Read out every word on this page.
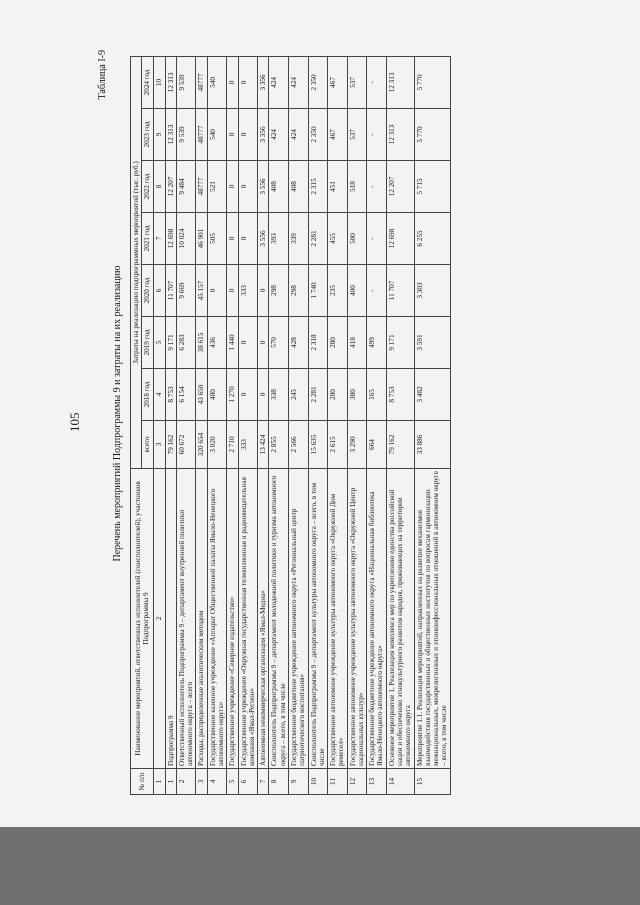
105
Таблица I-9
Перечень мероприятий Подпрограммы 9 и затраты на их реализацию
№ п/п	Наименование мероприятий, ответственных исполнителей (соисполнителей), участников Подпрограммы 9	Затраты на реализацию подпрограммных мероприятий (тыс. руб.)							
		всего	2018 год	2019 год	2020 год	2021 год	2022 год	2023 год	2024 год
1	2	3	4	5	6	7	8	9	10
1	Подпрограмма 9	79 162	8 753	9 171	11 707	12 698	12 207	12 313	12 313
2	Ответственный исполнитель Подпрограммы 9 – департамент внутренней политики автономного округа – всего	60 672	6 154	6 283	9 669	10 024	9 484	9 539	9 539
3	Расходы, распределенные аналитическим методом	320 654	43 650	38 615	45 157	46 901	48777	48777	48777
4	Государственное казенное учреждение «Аппарат Общественной палаты Ямало-Ненецкого автономного округа»	3 020	480	436	0	505	521	540	540
5	Государственное учреждение «Северное издательство»	2 710	1 270	1 440	0	0	0	0	0
6	Государственное учреждение «Окружная государственная телевизионная и радиовещательная компания «Ямал-Регион»	333	0	0	333	0	0	0	0
7	Автономная некоммерческая организация «Ямал-Медиа»	13 424	0	0	0	3 556	3 556	3 356	3 356
8	Соисполнитель Подпрограммы 9 – департамент молодежной политики и туризма автономного округа – всего, в том числе	2 855	338	570	298	393	408	424	424
9	Государственное бюджетное учреждение автономного округа «Региональный центр патриотического воспитания»	2 566	245	428	298	339	408	424	424
10	Соисполнитель Подпрограммы 9 – департамент культуры автономного округа – всего, в том числе	15 635	2 281	2 318	1 740	2 281	2 315	2 350	2 350
11	Государственное автономное учреждение культуры автономного округа «Окружной Дом ремесел»	2 615	280	280	235	455	451	467	467
12	Государственное автономное учреждение культуры автономного округа «Окружной Центр национальных культур»	3 290	380	418	400	500	518	537	537
13	Государственное бюджетное учреждение автономного округа «Национальная библиотека Ямало-Ненецкого автономного округа»	664	165	499	-	-	-	-	-
14	Основное мероприятие 1. Реализация комплекса мер по укреплению единства российской нации и обеспечению этнокультурного развития народов, проживающих на территории автономного округа	79 162	8 753	9 171	11 707	12 698	12 207	12 313	12 313
15	Мероприятие 1.1. Реализация мероприятий, направленных на развитие механизмов взаимодействия государственных и общественных институтов по вопросам гармонизации межнациональных, межрелигиозных и этноконфессиональных отношений в автономном округе – всего, в том числе	33 886	3 482	3 591	3 303	6 255	5 715	5 770	5 770
